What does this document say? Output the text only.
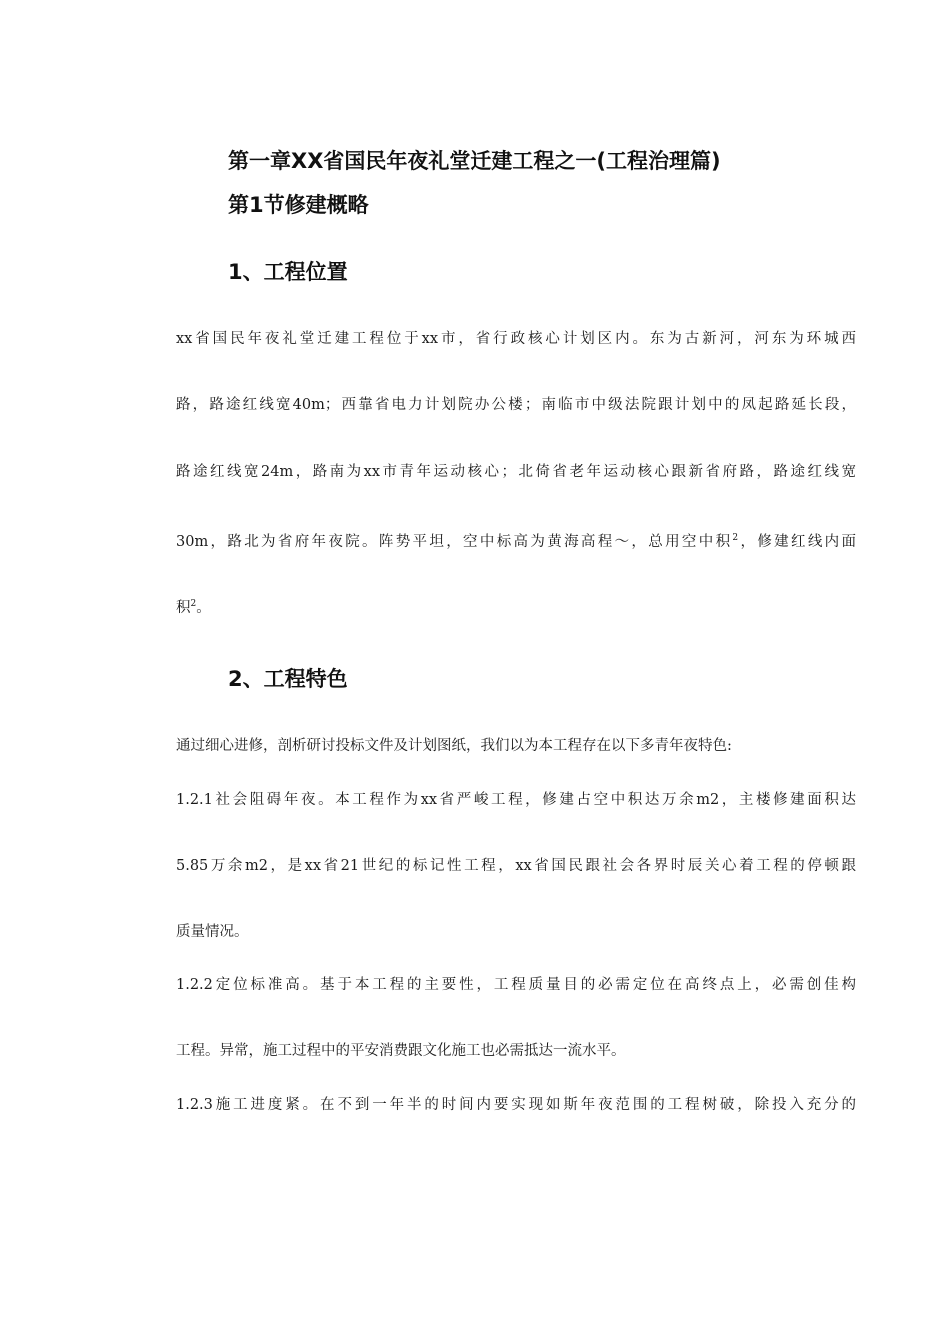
第一章XX省国民年夜礼堂迁建工程之一(工程治理篇)
第1节修建概略
1、工程位置
xx省国民年夜礼堂迁建工程位于xx市，省行政核心计划区内。东为古新河，河东为环城西
路，路途红线宽40m；西靠省电力计划院办公楼；南临市中级法院跟计划中的凤起路延长段，
路途红线宽24m，路南为xx市青年运动核心；北倚省老年运动核心跟新省府路，路途红线宽
30m，路北为省府年夜院。阵势平坦，空中标高为黄海高程～，总用空中积$^2$，修建红线内面
积$^2$。
2、工程特色
通过细心进修，剖析研讨投标文件及计划图纸，我们以为本工程存在以下多青年夜特色:
1.2.1社会阻碍年夜。本工程作为xx省严峻工程，修建占空中积达万余m2，主楼修建面积达
5.85万余m2，是xx省21世纪的标记性工程，xx省国民跟社会各界时辰关心着工程的停顿跟
质量情况。
1.2.2定位标准高。基于本工程的主要性，工程质量目的必需定位在高终点上，必需创佳构
工程。异常，施工过程中的平安消费跟文化施工也必需抵达一流水平。
1.2.3施工进度紧。在不到一年半的时间内要实现如斯年夜范围的工程树破，除投入充分的
